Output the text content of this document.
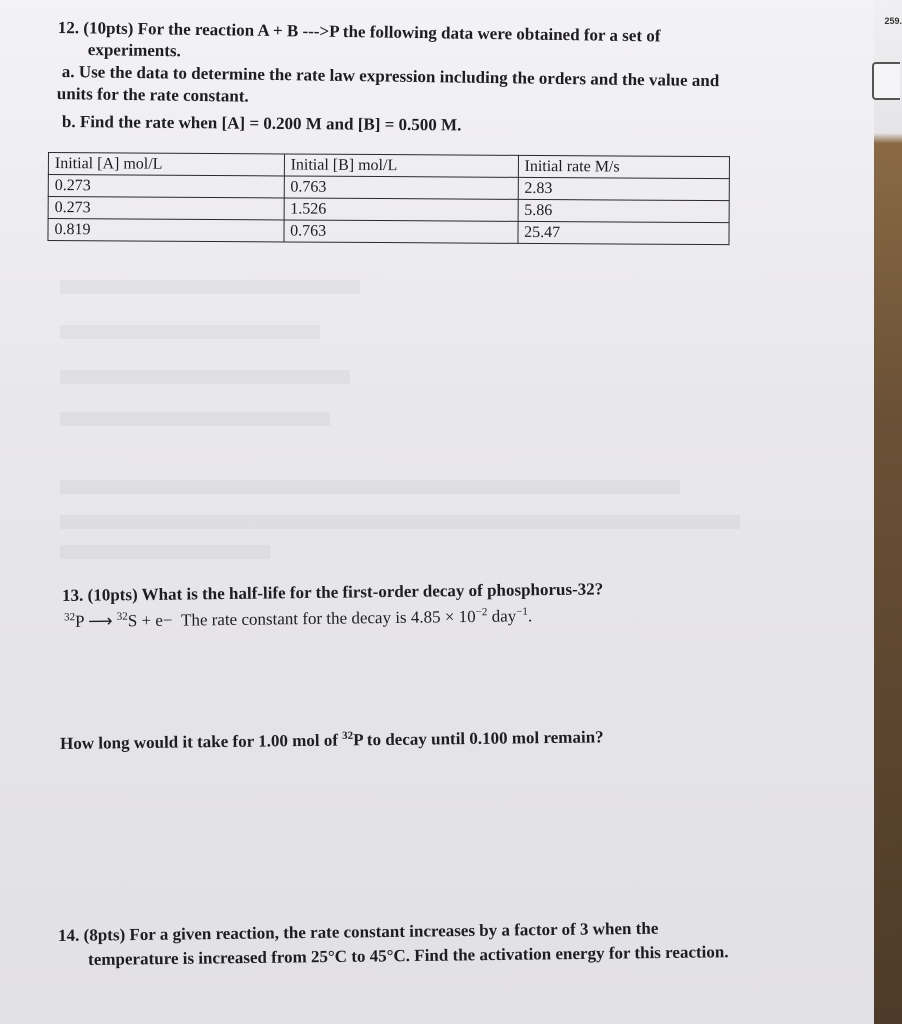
259.
12. (10pts) For the reaction A + B --->P the following data were obtained for a set of
experiments.
a. Use the data to determine the rate law expression including the orders and the value and
units for the rate constant.
b. Find the rate when [A] = 0.200 M and [B] = 0.500 M.
Initial [A] mol/L	Initial [B] mol/L	Initial rate M/s
0.273	0.763	2.83
0.273	1.526	5.86
0.819	0.763	25.47
13. (10pts) What is the half-life for the first-order decay of phosphorus-32?
$^{32}$P ⟶ $^{32}$S + e− The rate constant for the decay is $4.85 \times 10^{-2}$ day$^{-1}$.
How long would it take for 1.00 mol of $^{32}$P to decay until 0.100 mol remain?
14. (8pts) For a given reaction, the rate constant increases by a factor of 3 when the
temperature is increased from 25°C to 45°C. Find the activation energy for this reaction.
